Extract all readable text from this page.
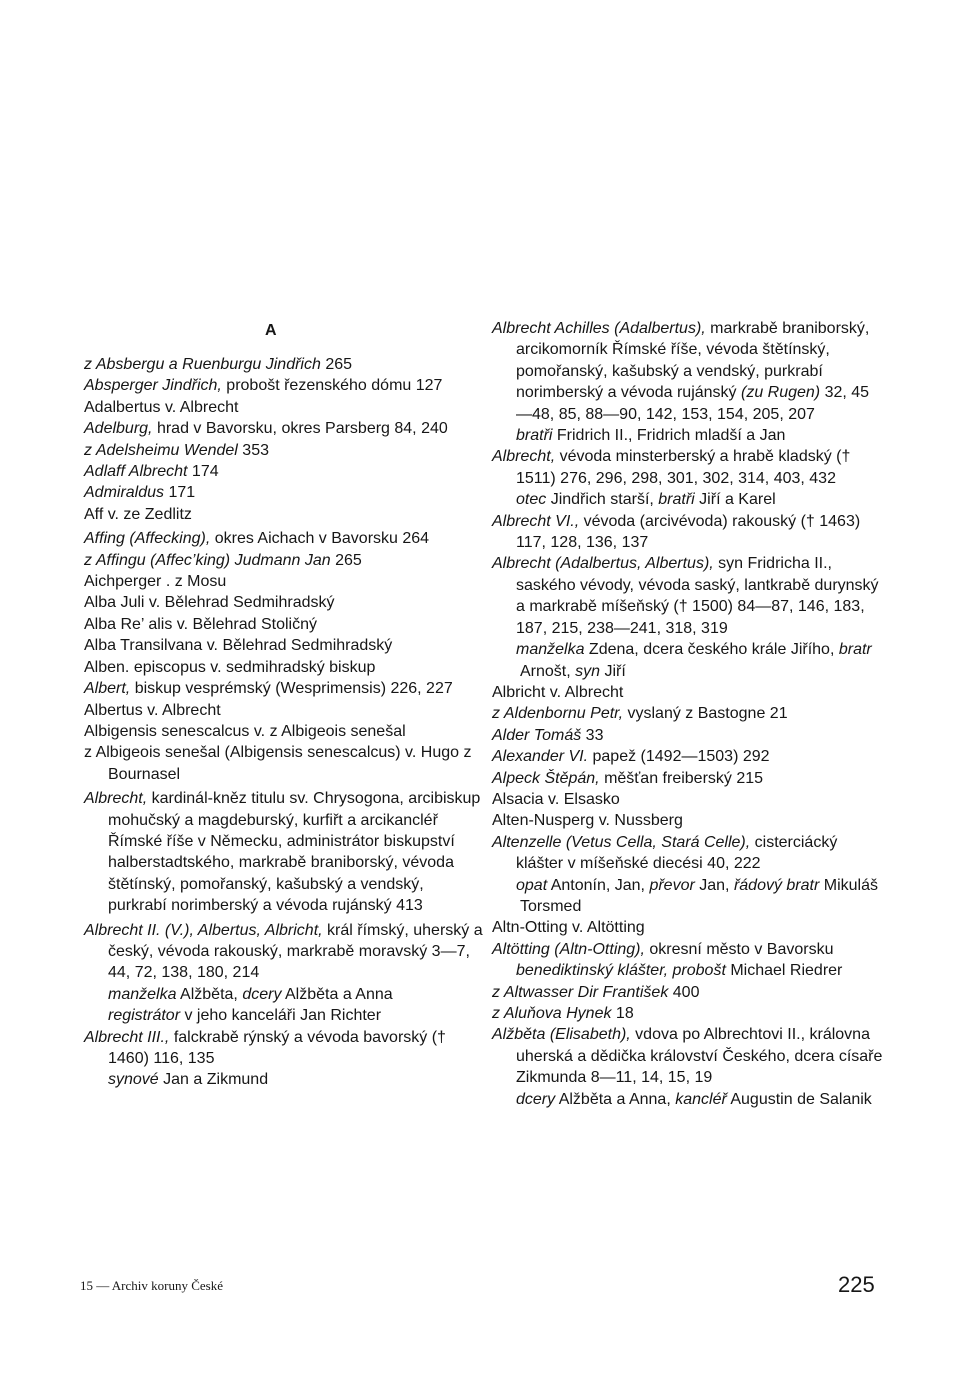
A

z Absbergu a Ruenburgu Jindřich 265

Absperger Jindřich, probošt řezenského dómu 127

Adalbertus v. Albrecht

Adelburg, hrad v Bavorsku, okres Parsberg 84, 240

z Adelsheimu Wendel 353

Adlaff Albrecht 174

Admiraldus 171

Aff v. ze Zedlitz

Affing (Affecking), okres Aichach v Bavorsku 264

z Affingu (Affec’king) Judmann Jan 265

Aichperger . z Mosu

Alba Juli v. Bělehrad Sedmihradský

Alba Re’ alis v. Bělehrad Stoličný

Alba Transilvana v. Bělehrad Sedmihradský

Alben. episcopus v. sedmihradský biskup

Albert, biskup vesprémský (Wesprimensis) 226, 227

Albertus v. Albrecht

Albigensis senescalcus v. z Albigeois senešal

z Albigeois senešal (Albigensis senescalcus) v. Hugo z Bournasel

Albrecht, kardinál-kněz titulu sv. Chrysogona, arcibiskup mohučský a magdeburský, kurfiřt a arcikancléř Římské říše v Německu, administrátor biskupství halberstadtského, markrabě braniborský, vévoda štětínský, pomořanský, kašubský a vendský, purkrabí norimberský a vévoda rujánský 413

Albrecht II. (V.), Albertus, Albricht, král římský, uherský a český, vévoda rakouský, markrabě moravský 3—7, 44, 72, 138, 180, 214

manželka Alžběta, dcery Alžběta a Anna

registrátor v jeho kanceláři Jan Richter

Albrecht III., falckrabě rýnský a vévoda bavorský († 1460) 116, 135

synové Jan a Zikmund

Albrecht Achilles (Adalbertus), markrabě braniborský, arcikomorník Římské říše, vévoda štětínský, pomořanský, kašubský a vendský, purkrabí norimberský a vévoda rujánský (zu Rugen) 32, 45—48, 85, 88—90, 142, 153, 154, 205, 207

bratři Fridrich II., Fridrich mladší a Jan

Albrecht, vévoda minsterberský a hrabě kladský († 1511) 276, 296, 298, 301, 302, 314, 403, 432

otec Jindřich starší, bratři Jiří a Karel

Albrecht VI., vévoda (arcivévoda) rakouský († 1463) 117, 128, 136, 137

Albrecht (Adalbertus, Albertus), syn Fridricha II., saského vévody, vévoda saský, lantkrabě durynský a markrabě míšeňský († 1500) 84—87, 146, 183, 187, 215, 238—241, 318, 319

manželka Zdena, dcera českého krále Jiřího, bratr Arnošt, syn Jiří

Albricht v. Albrecht

z Aldenbornu Petr, vyslaný z Bastogne 21

Alder Tomáš 33

Alexander VI. papež (1492—1503) 292

Alpeck Štěpán, měšťan freiberský 215

Alsacia v. Elsasko

Alten-Nusperg v. Nussberg

Altenzelle (Vetus Cella, Stará Celle), cisterciácký klášter v míšeňské diecési 40, 222

opat Antonín, Jan, převor Jan, řádový bratr Mikuláš Torsmed

Altn-Otting v. Altötting

Altötting (Altn-Otting), okresní město v Bavorsku

benediktinský klášter, probošt Michael Riedrer

z Altwasser Dir František 400

z Aluňova Hynek 18

Alžběta (Elisabeth), vdova po Albrechtovi II., královna uherská a dědička království Českého, dcera císaře Zikmunda 8—11, 14, 15, 19

dcery Alžběta a Anna, kancléř Augustin de Salanik

15 — Archiv koruny České	225
